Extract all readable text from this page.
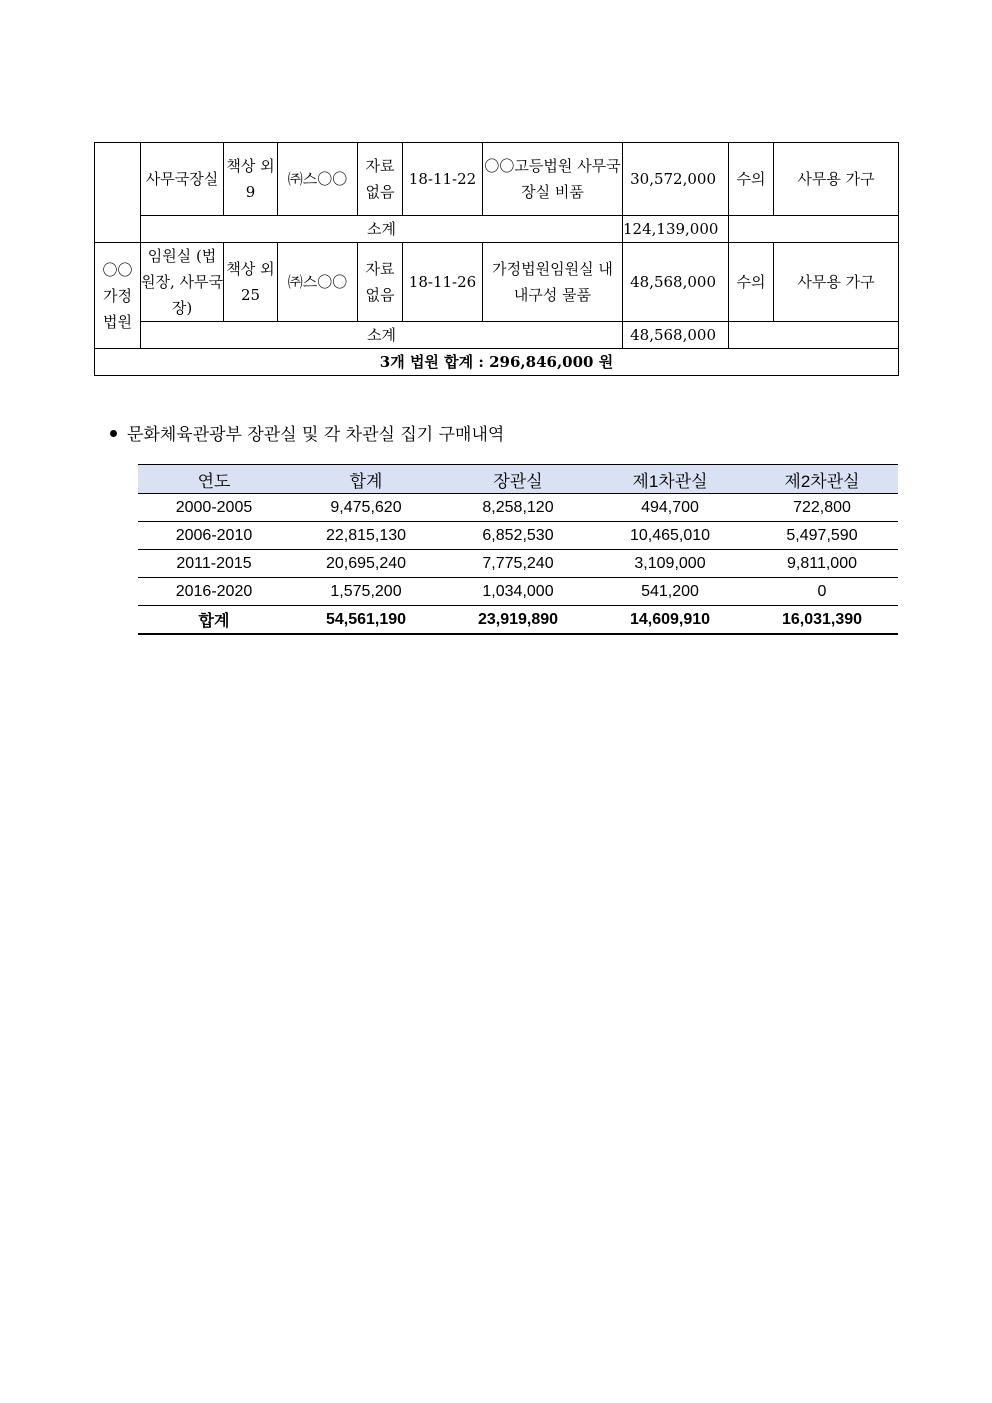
	사무국장실	책상 외 9	㈜스〇〇	자료 없음	18-11-22	〇〇고등법원 사무국장실 비품	30,572,000	수의	사무용 가구
	소계						124,139,000		
〇〇 가정 법원	임원실 (법원장, 사무국장)	책상 외 25	㈜스〇〇	자료 없음	18-11-26	가정법원임원실 내 내구성 물품	48,568,000	수의	사무용 가구
	소계						48,568,000		
3개 법원 합계 : 296,846,000 원									
문화체육관광부 장관실 및 각 차관실 집기 구매내역
연도	합계	장관실	제1차관실	제2차관실
2000-2005	9,475,620	8,258,120	494,700	722,800
2006-2010	22,815,130	6,852,530	10,465,010	5,497,590
2011-2015	20,695,240	7,775,240	3,109,000	9,811,000
2016-2020	1,575,200	1,034,000	541,200	0
합계	54,561,190	23,919,890	14,609,910	16,031,390
